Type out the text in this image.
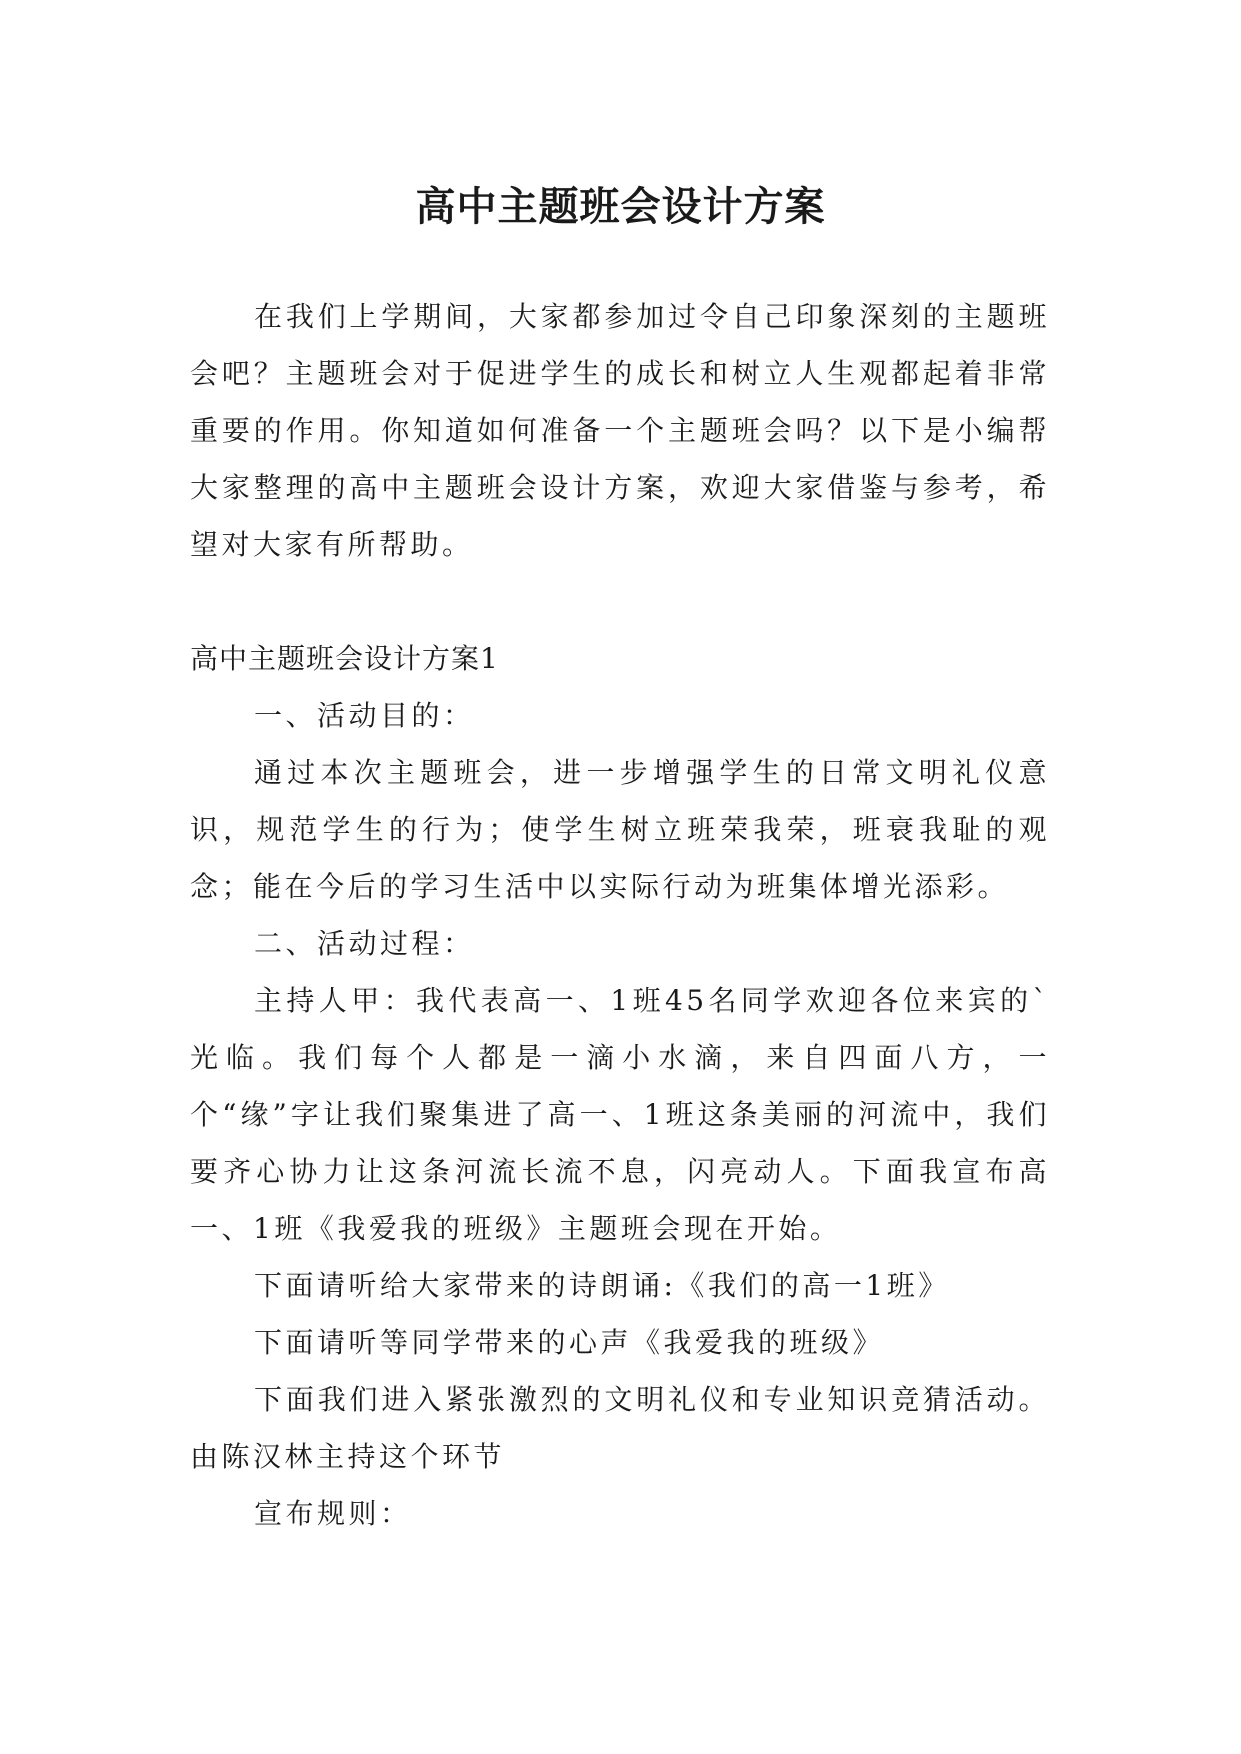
高中主题班会设计方案

在我们上学期间，大家都参加过令自己印象深刻的主题班会吧？主题班会对于促进学生的成长和树立人生观都起着非常重要的作用。你知道如何准备一个主题班会吗？以下是小编帮大家整理的高中主题班会设计方案，欢迎大家借鉴与参考，希望对大家有所帮助。

高中主题班会设计方案1

一、活动目的：

通过本次主题班会，进一步增强学生的日常文明礼仪意识，规范学生的行为；使学生树立班荣我荣，班衰我耻的观念；能在今后的学习生活中以实际行动为班集体增光添彩。

二、活动过程：

主持人甲：我代表高一、1班45名同学欢迎各位来宾的`光临。我们每个人都是一滴小水滴，来自四面八方，一个“缘”字让我们聚集进了高一、1班这条美丽的河流中，我们要齐心协力让这条河流长流不息，闪亮动人。下面我宣布高一、1班《我爱我的班级》主题班会现在开始。

下面请听给大家带来的诗朗诵:《我们的高一1班》

下面请听等同学带来的心声《我爱我的班级》

下面我们进入紧张激烈的文明礼仪和专业知识竞猜活动。由陈汉林主持这个环节

宣布规则：
